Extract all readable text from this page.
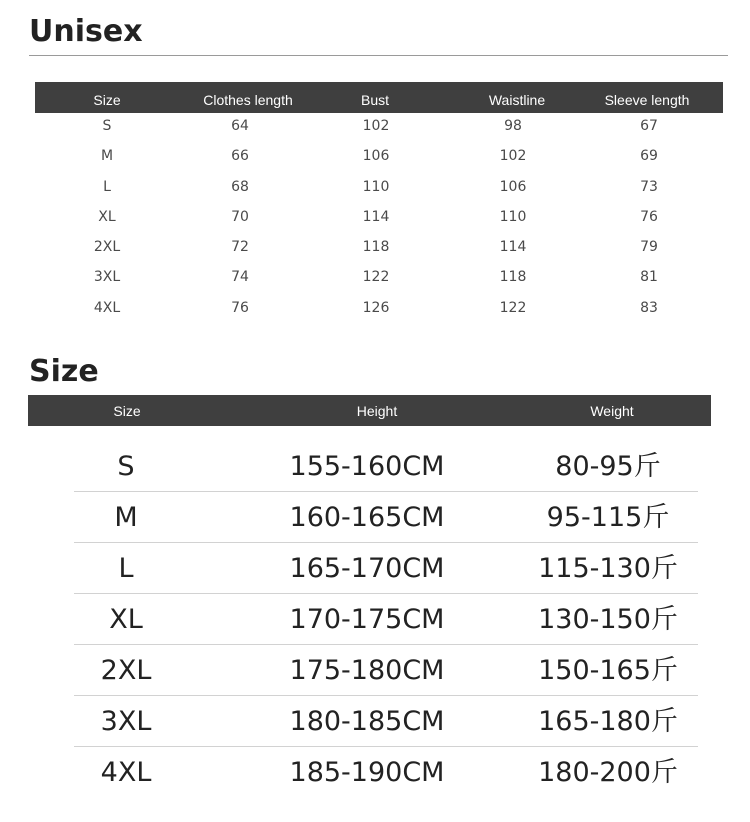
Unisex
Size	Clothes length	Bust	Waistline	Sleeve length
S	64	102	98	67
M	66	106	102	69
L	68	110	106	73
XL	70	114	110	76
2XL	72	118	114	79
3XL	74	122	118	81
4XL	76	126	122	83
Size
Size	Height	Weight
S	155-160CM	80-95斤
M	160-165CM	95-115斤
L	165-170CM	115-130斤
XL	170-175CM	130-150斤
2XL	175-180CM	150-165斤
3XL	180-185CM	165-180斤
4XL	185-190CM	180-200斤
